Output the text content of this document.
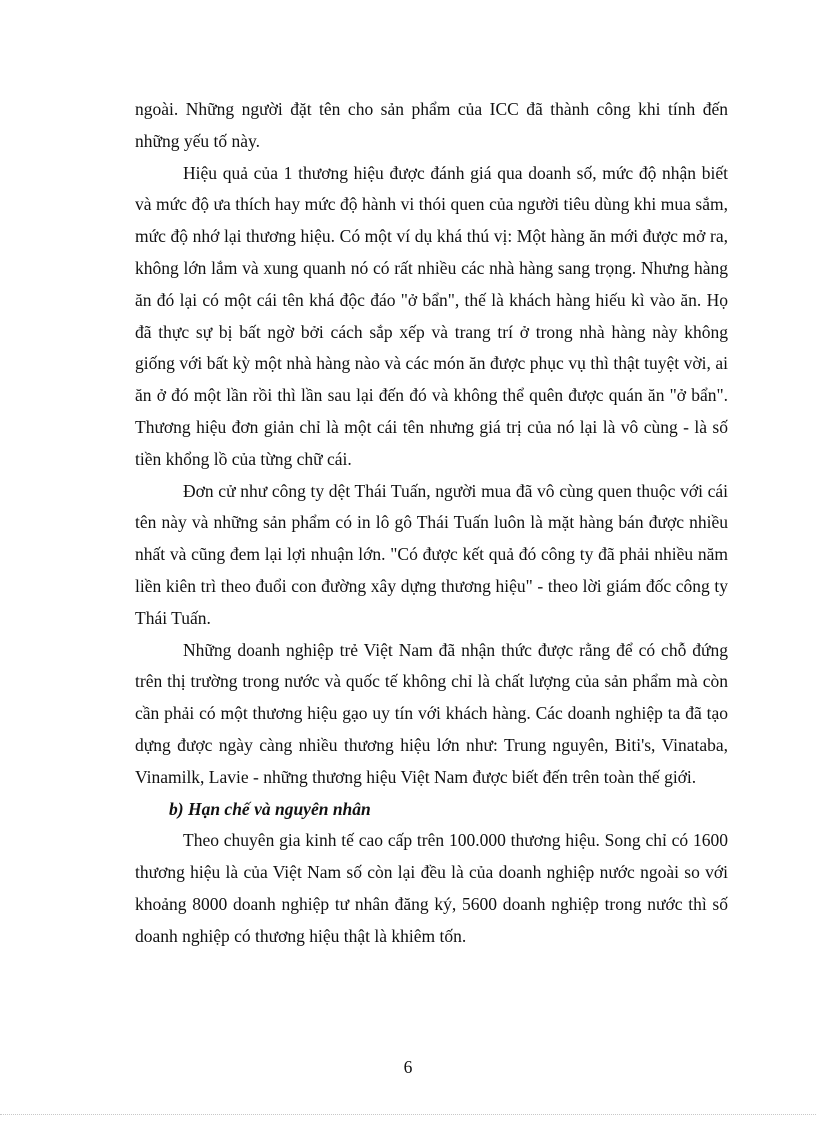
ngoài. Những người đặt tên cho sản phẩm của ICC đã thành công khi tính đến những yếu tố này.

Hiệu quả của 1 thương hiệu được đánh giá qua doanh số, mức độ nhận biết và mức độ ưa thích hay mức độ hành vi thói quen của người tiêu dùng khi mua sắm, mức độ nhớ lại thương hiệu. Có một ví dụ khá thú vị: Một hàng ăn mới được mở ra, không lớn lắm và xung quanh nó có rất nhiều các nhà hàng sang trọng. Nhưng hàng ăn đó lại có một cái tên khá độc đáo "ở bẩn", thế là khách hàng hiếu kì vào ăn. Họ đã thực sự bị bất ngờ bởi cách sắp xếp và trang trí ở trong nhà hàng này không giống với bất kỳ một nhà hàng nào và các món ăn được phục vụ thì thật tuyệt vời, ai ăn ở đó một lần rồi thì lần sau lại đến đó và không thể quên được quán ăn "ở bẩn". Thương hiệu đơn giản chỉ là một cái tên nhưng giá trị của nó lại là vô cùng - là số tiền khổng lồ của từng chữ cái.

Đơn cử như công ty dệt Thái Tuấn, người mua đã vô cùng quen thuộc với cái tên này và những sản phẩm có in lô gô Thái Tuấn luôn là mặt hàng bán được nhiều nhất và cũng đem lại lợi nhuận lớn. "Có được kết quả đó công ty đã phải nhiều năm liền kiên trì theo đuổi con đường xây dựng thương hiệu" - theo lời giám đốc công ty Thái Tuấn.

Những doanh nghiệp trẻ Việt Nam đã nhận thức được rằng để có chỗ đứng trên thị trường trong nước và quốc tế không chỉ là chất lượng của sản phẩm mà còn cần phải có một thương hiệu gạo uy tín với khách hàng. Các doanh nghiệp ta đã tạo dựng được ngày càng nhiều thương hiệu lớn như: Trung nguyên, Biti's, Vinataba, Vinamilk, Lavie - những thương hiệu Việt Nam được biết đến trên toàn thế giới.

b) Hạn chế và nguyên nhân

Theo chuyên gia kinh tế cao cấp trên 100.000 thương hiệu. Song chỉ có 1600 thương hiệu là của Việt Nam số còn lại đều là của doanh nghiệp nước ngoài so với khoảng 8000 doanh nghiệp tư nhân đăng ký, 5600 doanh nghiệp trong nước thì số doanh nghiệp có thương hiệu thật là khiêm tốn.

6
